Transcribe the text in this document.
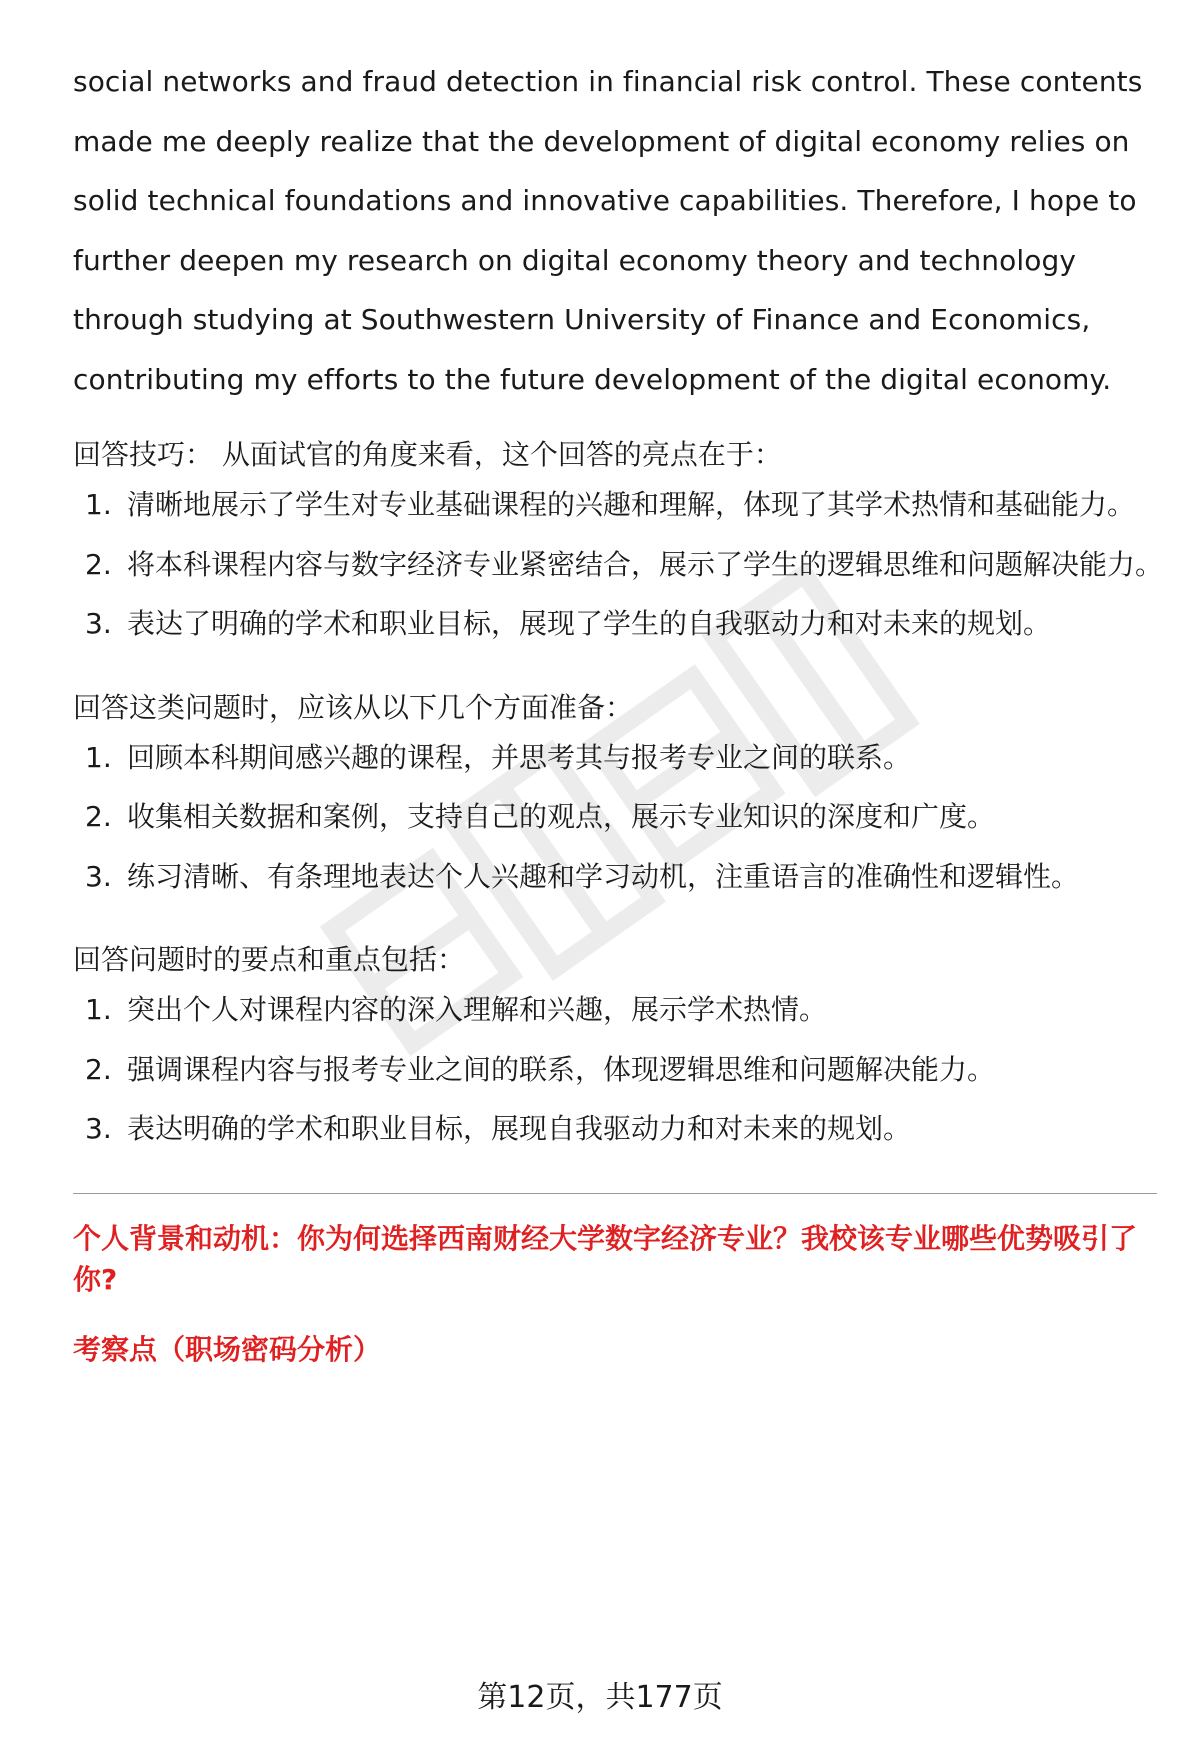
social networks and fraud detection in financial risk control. These contents

made me deeply realize that the development of digital economy relies on

solid technical foundations and innovative capabilities. Therefore, I hope to

further deepen my research on digital economy theory and technology

through studying at Southwestern University of Finance and Economics,

contributing my efforts to the future development of the digital economy.

回答技巧： 从面试官的角度来看，这个回答的亮点在于：

1. 清晰地展示了学生对专业基础课程的兴趣和理解，体现了其学术热情和基础能力。
2. 将本科课程内容与数字经济专业紧密结合，展示了学生的逻辑思维和问题解决能力。
3. 表达了明确的学术和职业目标，展现了学生的自我驱动力和对未来的规划。

回答这类问题时，应该从以下几个方面准备：

1. 回顾本科期间感兴趣的课程，并思考其与报考专业之间的联系。
2. 收集相关数据和案例，支持自己的观点，展示专业知识的深度和广度。
3. 练习清晰、有条理地表达个人兴趣和学习动机，注重语言的准确性和逻辑性。

回答问题时的要点和重点包括：

1. 突出个人对课程内容的深入理解和兴趣，展示学术热情。
2. 强调课程内容与报考专业之间的联系，体现逻辑思维和问题解决能力。
3. 表达明确的学术和职业目标，展现自我驱动力和对未来的规划。

个人背景和动机：你为何选择西南财经大学数字经济专业？我校该专业哪些优势吸引了你?

考察点（职场密码分析）

第12页，共177页
